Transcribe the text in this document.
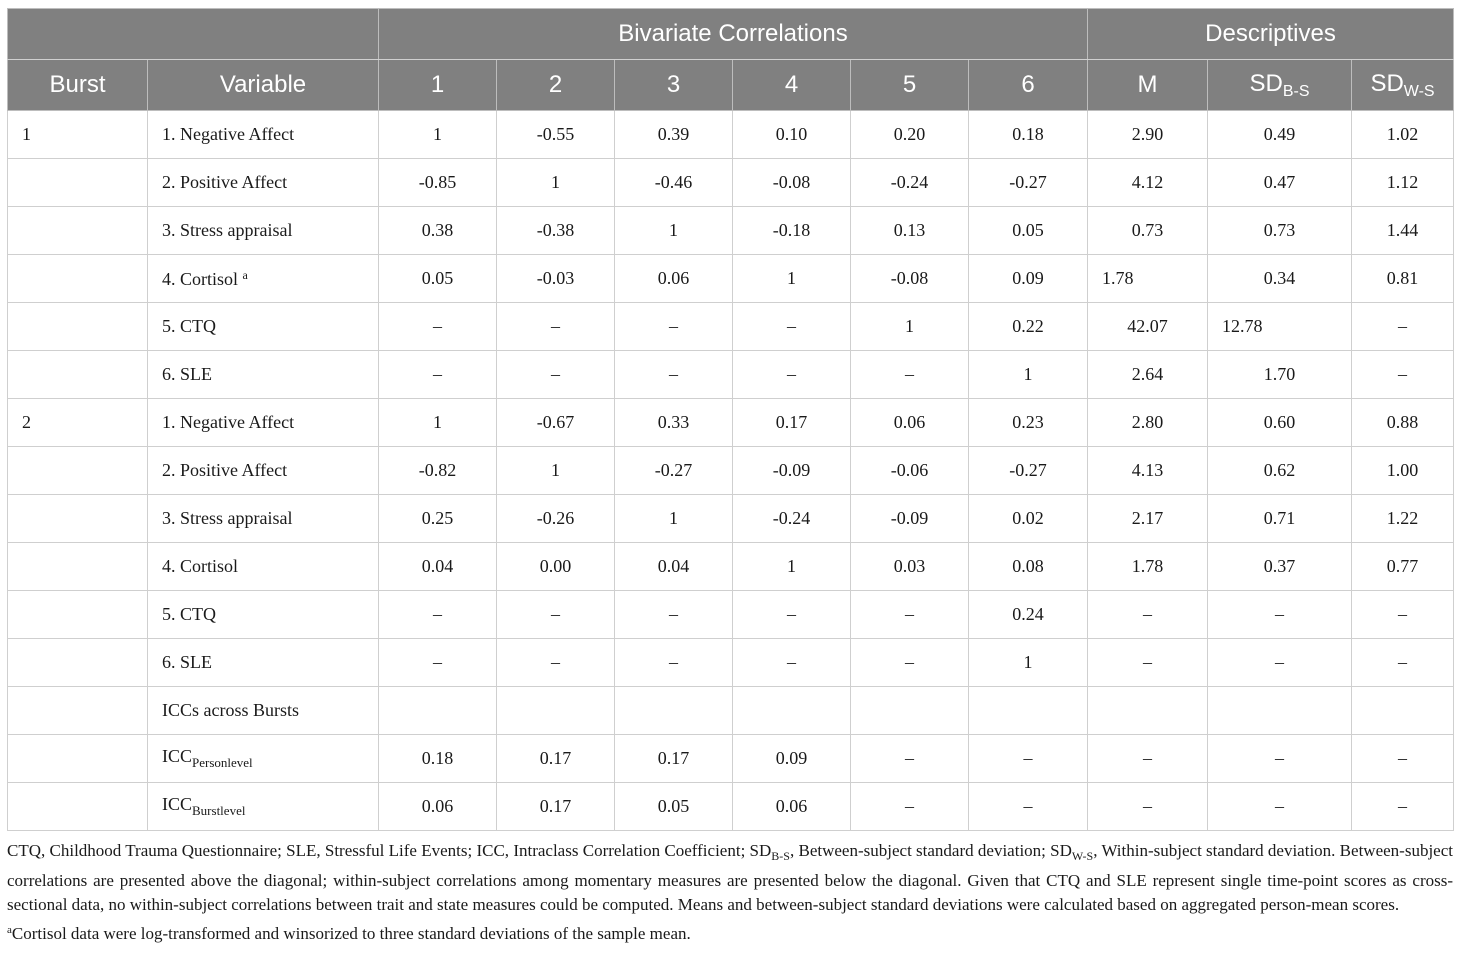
		Bivariate Correlations						Descriptives		
Burst	Variable	1	2	3	4	5	6	M	$SD_{B-S}$	$SD_{W-S}$
1	1. Negative Affect	1	-0.55	0.39	0.10	0.20	0.18	2.90	0.49	1.02
	2. Positive Affect	-0.85	1	-0.46	-0.08	-0.24	-0.27	4.12	0.47	1.12
	3. Stress appraisal	0.38	-0.38	1	-0.18	0.13	0.05	0.73	0.73	1.44
	4. Cortisol $^a$	0.05	-0.03	0.06	1	-0.08	0.09	1.78	0.34	0.81
	5. CTQ	–	–	–	–	1	0.22	42.07	12.78	–
	6. SLE	–	–	–	–	–	1	2.64	1.70	–
2	1. Negative Affect	1	-0.67	0.33	0.17	0.06	0.23	2.80	0.60	0.88
	2. Positive Affect	-0.82	1	-0.27	-0.09	-0.06	-0.27	4.13	0.62	1.00
	3. Stress appraisal	0.25	-0.26	1	-0.24	-0.09	0.02	2.17	0.71	1.22
	4. Cortisol	0.04	0.00	0.04	1	0.03	0.08	1.78	0.37	0.77
	5. CTQ	–	–	–	–	–	0.24	–	–	–
	6. SLE	–	–	–	–	–	1	–	–	–
	ICCs across Bursts									
	$ICC_{Personlevel}$	0.18	0.17	0.17	0.09	–	–	–	–	–
	$ICC_{Burstlevel}$	0.06	0.17	0.05	0.06	–	–	–	–	–

CTQ, Childhood Trauma Questionnaire; SLE, Stressful Life Events; ICC, Intraclass Correlation Coefficient; $SD_{B-S}$, Between-subject standard deviation; $SD_{W-S}$, Within-subject standard deviation. Between-subject correlations are presented above the diagonal; within-subject correlations among momentary measures are presented below the diagonal. Given that CTQ and SLE represent single time-point scores as cross-sectional data, no within-subject correlations between trait and state measures could be computed. Means and between-subject standard deviations were calculated based on aggregated person-mean scores.

$^a$Cortisol data were log-transformed and winsorized to three standard deviations of the sample mean.
